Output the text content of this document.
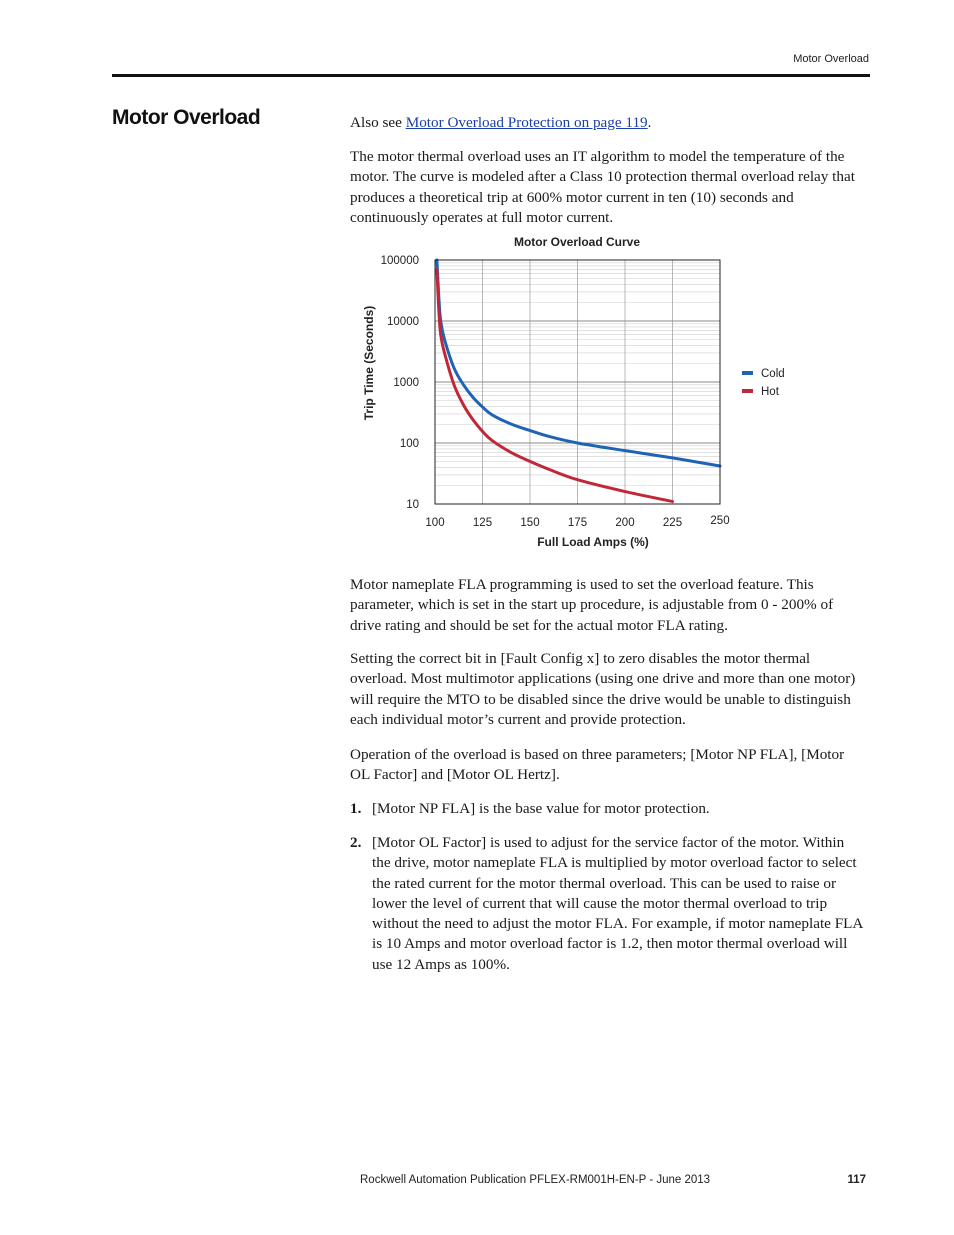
Motor Overload
Motor Overload	Also see Motor Overload Protection on page 119.

The motor thermal overload uses an IT algorithm to model the temperature of the motor. The curve is modeled after a Class 10 protection thermal overload relay that produces a theoretical trip at 600% motor current in ten (10) seconds and continuously operates at full motor current.

Motor Overload Curve
10
100
1000
10000
100000
100 125 150 175 200 225 250
Full Load Amps (%)
Trip Time (Seconds)	Cold
Hot

Motor nameplate FLA programming is used to set the overload feature. This parameter, which is set in the start up procedure, is adjustable from 0 - 200% of drive rating and should be set for the actual motor FLA rating.

Setting the correct bit in [Fault Config x] to zero disables the motor thermal overload. Most multimotor applications (using one drive and more than one motor) will require the MTO to be disabled since the drive would be unable to distinguish each individual motor’s current and provide protection.

Operation of the overload is based on three parameters; [Motor NP FLA], [Motor OL Factor] and [Motor OL Hertz].

1. [Motor NP FLA] is the base value for motor protection.
2. [Motor OL Factor] is used to adjust for the service factor of the motor. Within the drive, motor nameplate FLA is multiplied by motor overload factor to select the rated current for the motor thermal overload. This can be used to raise or lower the level of current that will cause the motor thermal overload to trip without the need to adjust the motor FLA. For example, if motor nameplate FLA is 10 Amps and motor overload factor is 1.2, then motor thermal overload will use 12 Amps as 100%.
Rockwell Automation Publication PFLEX-RM001H-EN-P - June 2013	117
